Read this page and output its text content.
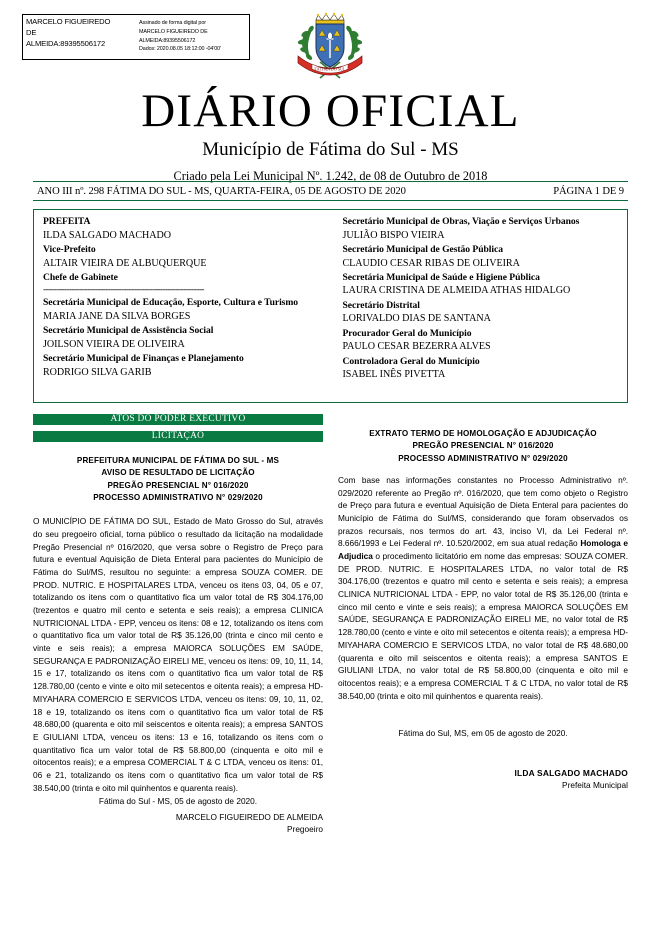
MARCELO FIGUEIREDO
DE
ALMEIDA:89395506172
Assinado de forma digital por
MARCELO FIGUEIREDO DE
ALMEIDA:89395506172
Dados: 2020.08.05 18:12:00 -04'00'
FÁTIMA DO SUL
DIÁRIO OFICIAL
Município de Fátima do Sul - MS
Criado pela Lei Municipal Nº. 1.242, de 08 de Outubro de 2018
ANO III nº. 298 FÁTIMA DO SUL - MS, QUARTA-FEIRA, 05 DE AGOSTO DE 2020	PÁGINA 1 DE 9
PREFEITA
ILDA SALGADO MACHADO
Vice-Prefeito
ALTAIR VIEIRA DE ALBUQUERQUE
Chefe de Gabinete
--------------------------------------------------------------
Secretária Municipal de Educação, Esporte, Cultura e Turismo
MARIA JANE DA SILVA BORGES
Secretário Municipal de Assistência Social
JOILSON VIEIRA DE OLIVEIRA
Secretário Municipal de Finanças e Planejamento
RODRIGO SILVA GARIB
Secretário Municipal de Obras, Viação e Serviços Urbanos
JULIÃO BISPO VIEIRA
Secretário Municipal de Gestão Pública
CLAUDIO CESAR RIBAS DE OLIVEIRA
Secretária Municipal de Saúde e Higiene Pública
LAURA CRISTINA DE ALMEIDA ATHAS HIDALGO
Secretário Distrital
LORIVALDO DIAS DE SANTANA
Procurador Geral do Município
PAULO CESAR BEZERRA ALVES
Controladora Geral do Município
ISABEL INÊS PIVETTA
ATOS DO PODER EXECUTIVO
LICITAÇÃO
PREFEITURA MUNICIPAL DE FÁTIMA DO SUL - MS
AVISO DE RESULTADO DE LICITAÇÃO
PREGÃO PRESENCIAL N° 016/2020
PROCESSO ADMINISTRATIVO N° 029/2020
O MUNICÍPIO DE FÁTIMA DO SUL, Estado de Mato Grosso do Sul, através do seu pregoeiro oficial, torna público o resultado da licitação na modalidade Pregão Presencial nº 016/2020, que versa sobre o Registro de Preço para futura e eventual Aquisição de Dieta Enteral para pacientes do Município de Fátima do Sul/MS, resultou no seguinte: a empresa SOUZA COMER. DE PROD. NUTRIC. E HOSPITALARES LTDA, venceu os itens 03, 04, 05 e 07, totalizando os itens com o quantitativo fica um valor total de R$ 304.176,00 (trezentos e quatro mil cento e setenta e seis reais); a empresa CLINICA NUTRICIONAL LTDA - EPP, venceu os itens: 08 e 12, totalizando os itens com o quantitativo fica um valor total de R$ 35.126,00 (trinta e cinco mil cento e vinte e seis reais); a empresa MAIORCA SOLUÇÕES EM SAÚDE, SEGURANÇA E PADRONIZAÇÃO EIRELI ME, venceu os itens: 09, 10, 11, 14, 15 e 17, totalizando os itens com o quantitativo fica um valor total de R$ 128.780,00 (cento e vinte e oito mil setecentos e oitenta reais); a empresa HD- MIYAHARA COMERCIO E SERVICOS LTDA, venceu os itens: 09, 10, 11, 02, 18 e 19, totalizando os itens com o quantitativo fica um valor total de R$ 48.680,00 (quarenta e oito mil seiscentos e oitenta reais); a empresa SANTOS E GIULIANI LTDA, venceu os itens: 13 e 16, totalizando os itens com o quantitativo fica um valor total de R$ 58.800,00 (cinquenta e oito mil e oitocentos reais); e a empresa COMERCIAL T & C LTDA, venceu os itens: 01, 06 e 21, totalizando os itens com o quantitativo fica um valor total de R$ 38.540,00 (trinta e oito mil quinhentos e quarenta reais).
Fátima do Sul - MS, 05 de agosto de 2020.
MARCELO FIGUEIREDO DE ALMEIDA
Pregoeiro
EXTRATO TERMO DE HOMOLOGAÇÃO E ADJUDICAÇÃO
PREGÃO PRESENCIAL N° 016/2020
PROCESSO ADMINISTRATIVO N° 029/2020
Com base nas informações constantes no Processo Administrativo nº. 029/2020 referente ao Pregão nº. 016/2020, que tem como objeto o Registro de Preço para futura e eventual Aquisição de Dieta Enteral para pacientes do Município de Fátima do Sul/MS, considerando que foram observados os prazos recursais, nos termos do art. 43, inciso VI, da Lei Federal nº. 8.666/1993 e Lei Federal nº. 10.520/2002, em sua atual redação Homologa e Adjudica o procedimento licitatório em nome das empresas: SOUZA COMER. DE PROD. NUTRIC. E HOSPITALARES LTDA, no valor total de R$ 304.176,00 (trezentos e quatro mil cento e setenta e seis reais); a empresa CLINICA NUTRICIONAL LTDA - EPP, no valor total de R$ 35.126,00 (trinta e cinco mil cento e vinte e seis reais); a empresa MAIORCA SOLUÇÕES EM SAÚDE, SEGURANÇA E PADRONIZAÇÃO EIRELI ME, no valor total de R$ 128.780,00 (cento e vinte e oito mil setecentos e oitenta reais); a empresa HD- MIYAHARA COMERCIO E SERVICOS LTDA, no valor total de R$ 48.680,00 (quarenta e oito mil seiscentos e oitenta reais); a empresa SANTOS E GIULIANI LTDA, no valor total de R$ 58.800,00 (cinquenta e oito mil e oitocentos reais); e a empresa COMERCIAL T & C LTDA, no valor total de R$ 38.540,00 (trinta e oito mil quinhentos e quarenta reais).
Fátima do Sul, MS, em 05 de agosto de 2020.
ILDA SALGADO MACHADO
Prefeita Municipal
